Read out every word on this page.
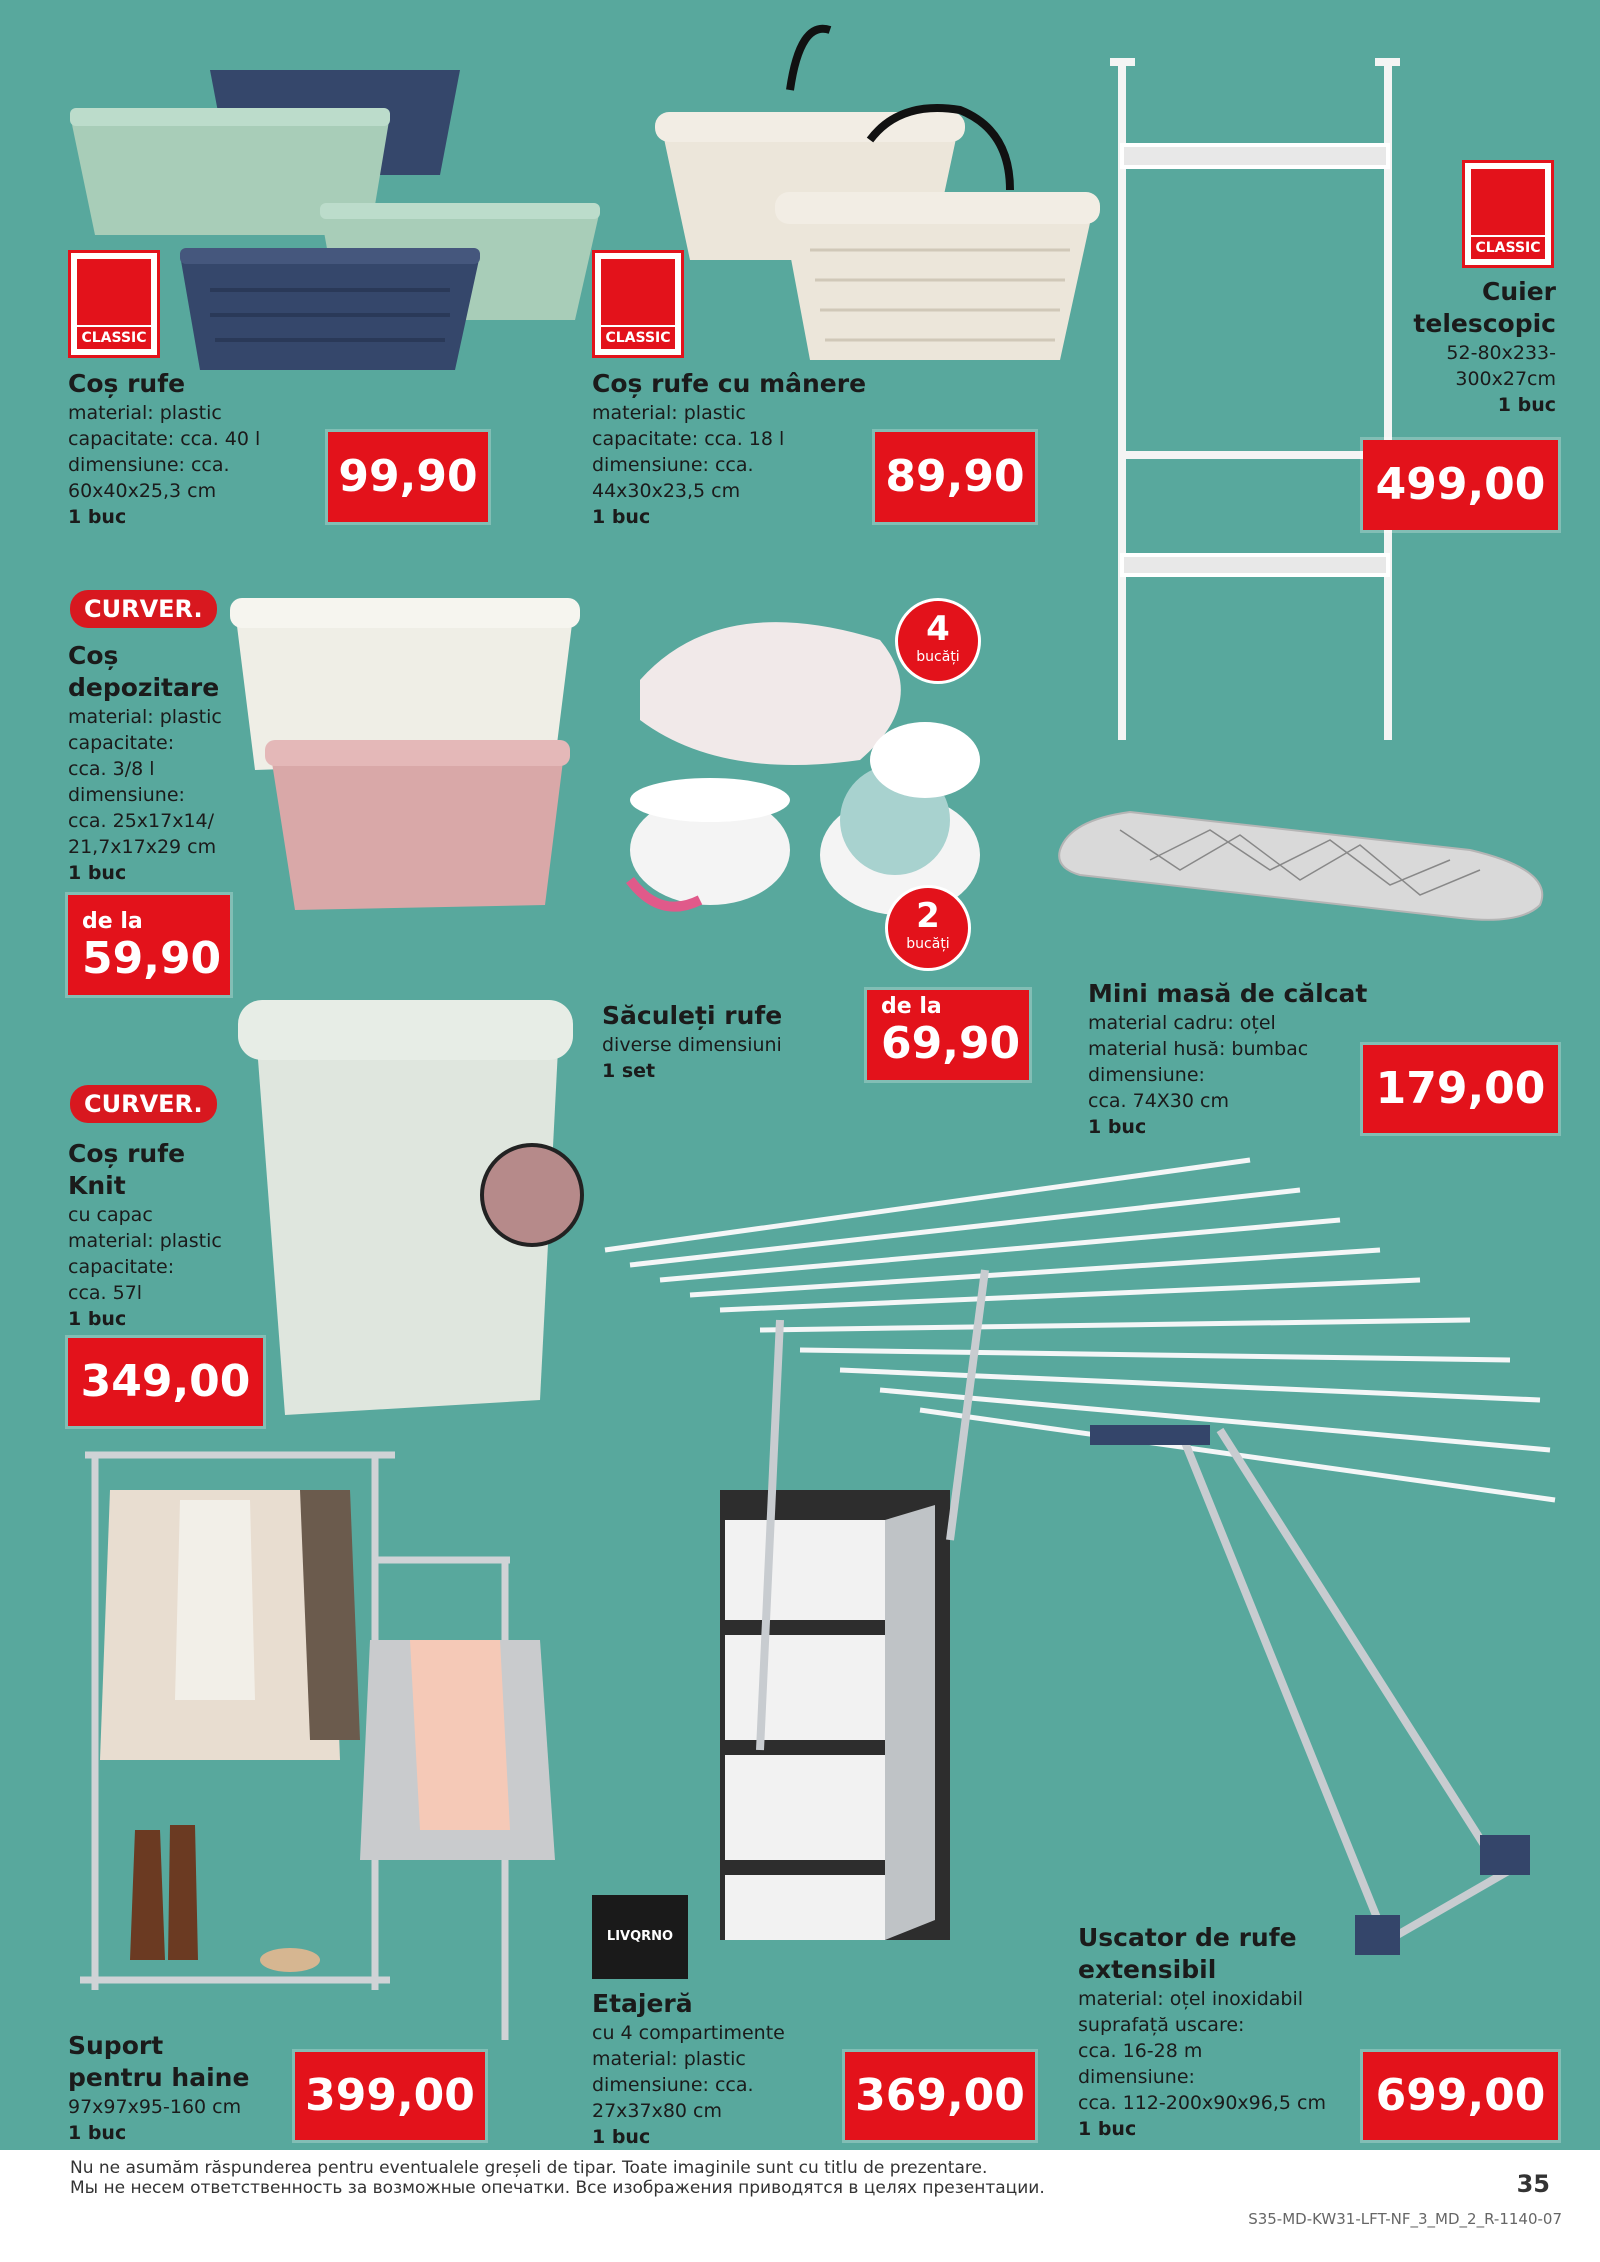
CLASSIC
Coș rufe
material: plastic
capacitate: cca. 40 l
dimensiune: cca.
60x40x25,3 cm
1 buc
99,90
CLASSIC
Coș rufe cu mânere
material: plastic
capacitate: cca. 18 l
dimensiune: cca.
44x30x23,5 cm
1 buc
89,90
CLASSIC
Cuier
telescopic
52-80x233-
300x27cm
1 buc
499,00
CURVER.
Coș
depozitare
material: plastic
capacitate:
cca. 3/8 l
dimensiune:
cca. 25x17x14/
21,7x17x29 cm
1 buc
de la
59,90
4
bucăți
2
bucăți
Săculeți rufe
diverse dimensiuni
1 set
de la
69,90
Mini masă de călcat
material cadru: oțel
material husă: bumbac
dimensiune:
cca. 74X30 cm
1 buc
179,00
CURVER.
Coș rufe
Knit
cu capac
material: plastic
capacitate:
cca. 57l
1 buc
349,00
Suport
pentru haine
97x97x95-160 cm
1 buc
399,00
LIVQRNO
Etajeră
cu 4 compartimente
material: plastic
dimensiune: cca.
27x37x80 cm
1 buc
369,00
Uscator de rufe
extensibil
material: oțel inoxidabil
suprafață uscare:
cca. 16-28 m
dimensiune:
cca. 112-200x90x96,5 cm
1 buc
699,00
Nu ne asumăm răspunderea pentru eventualele greșeli de tipar. Toate imaginile sunt cu titlu de prezentare.
Мы не несем ответственность за возможные опечатки. Все изображения приводятся в целях презентации.	35
S35-MD-KW31-LFT-NF_3_MD_2_R-1140-07
